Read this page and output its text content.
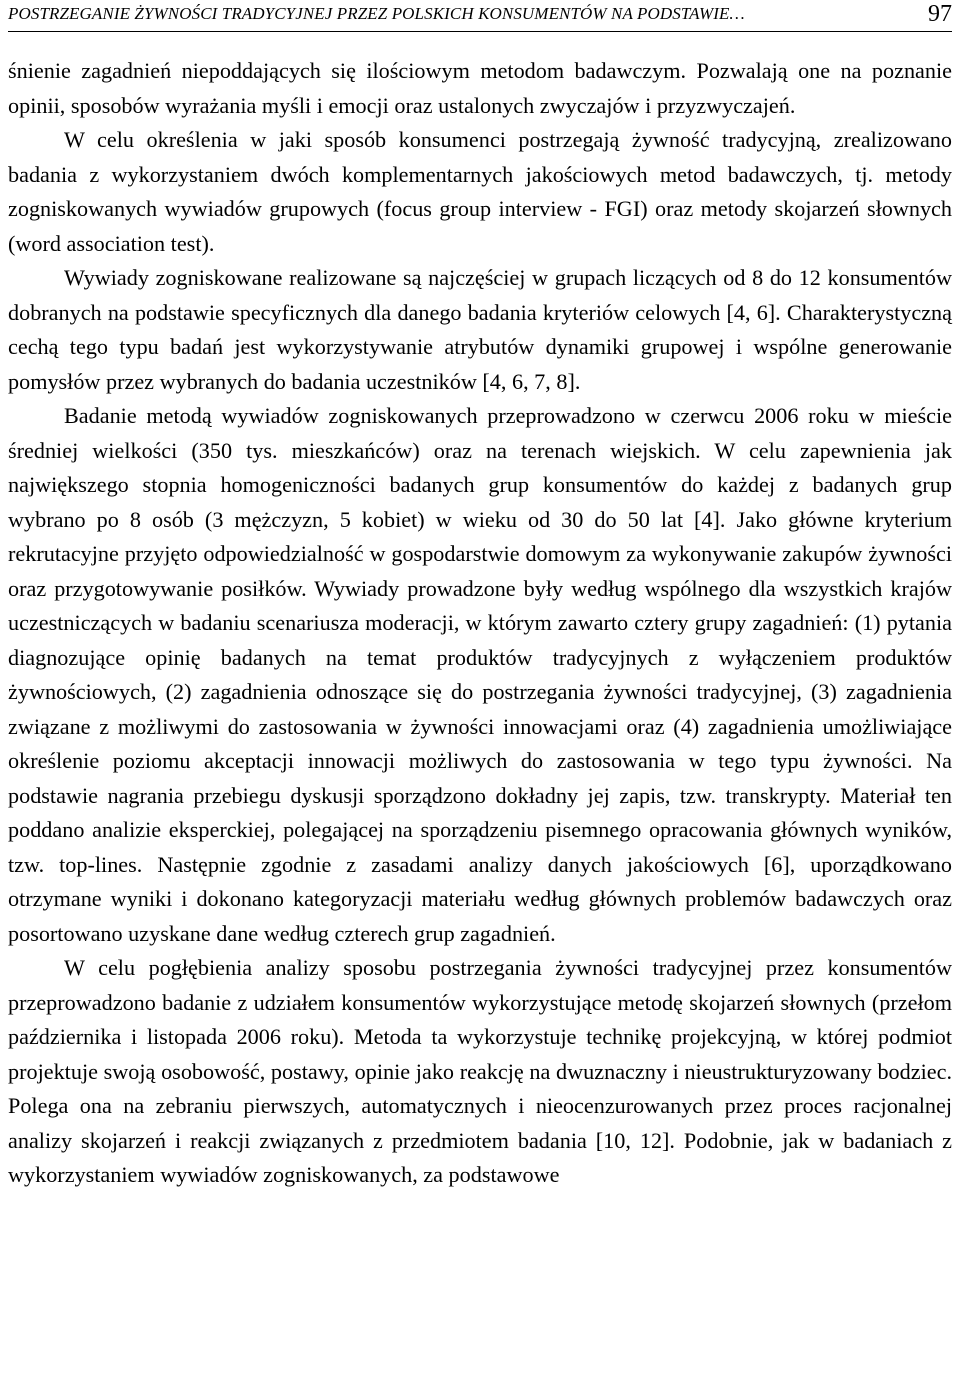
POSTRZEGANIE ŻYWNOŚCI TRADYCYJNEJ PRZEZ POLSKICH KONSUMENTÓW NA PODSTAWIE…	97

śnienie zagadnień niepoddających się ilościowym metodom badawczym. Pozwalają one na poznanie opinii, sposobów wyrażania myśli i emocji oraz ustalonych zwyczajów i przyzwyczajeń.

W celu określenia w jaki sposób konsumenci postrzegają żywność tradycyjną, zrealizowano badania z wykorzystaniem dwóch komplementarnych jakościowych metod badawczych, tj. metody zogniskowanych wywiadów grupowych (focus group interview - FGI) oraz metody skojarzeń słownych (word association test).

Wywiady zogniskowane realizowane są najczęściej w grupach liczących od 8 do 12 konsumentów dobranych na podstawie specyficznych dla danego badania kryteriów celowych [4, 6]. Charakterystyczną cechą tego typu badań jest wykorzystywanie atrybutów dynamiki grupowej i wspólne generowanie pomysłów przez wybranych do badania uczestników [4, 6, 7, 8].

Badanie metodą wywiadów zogniskowanych przeprowadzono w czerwcu 2006 roku w mieście średniej wielkości (350 tys. mieszkańców) oraz na terenach wiejskich. W celu zapewnienia jak największego stopnia homogeniczności badanych grup konsumentów do każdej z badanych grup wybrano po 8 osób (3 mężczyzn, 5 kobiet) w wieku od 30 do 50 lat [4]. Jako główne kryterium rekrutacyjne przyjęto odpowiedzialność w gospodarstwie domowym za wykonywanie zakupów żywności oraz przygotowywanie posiłków. Wywiady prowadzone były według wspólnego dla wszystkich krajów uczestniczących w badaniu scenariusza moderacji, w którym zawarto cztery grupy zagadnień: (1) pytania diagnozujące opinię badanych na temat produktów tradycyjnych z wyłączeniem produktów żywnościowych, (2) zagadnienia odnoszące się do postrzegania żywności tradycyjnej, (3) zagadnienia związane z możliwymi do zastosowania w żywności innowacjami oraz (4) zagadnienia umożliwiające określenie poziomu akceptacji innowacji możliwych do zastosowania w tego typu żywności. Na podstawie nagrania przebiegu dyskusji sporządzono dokładny jej zapis, tzw. transkrypty. Materiał ten poddano analizie eksperckiej, polegającej na sporządzeniu pisemnego opracowania głównych wyników, tzw. top-lines. Następnie zgodnie z zasadami analizy danych jakościowych [6], uporządkowano otrzymane wyniki i dokonano kategoryzacji materiału według głównych problemów badawczych oraz posortowano uzyskane dane według czterech grup zagadnień.

W celu pogłębienia analizy sposobu postrzegania żywności tradycyjnej przez konsumentów przeprowadzono badanie z udziałem konsumentów wykorzystujące metodę skojarzeń słownych (przełom października i listopada 2006 roku). Metoda ta wykorzystuje technikę projekcyjną, w której podmiot projektuje swoją osobowość, postawy, opinie jako reakcję na dwuznaczny i nieustrukturyzowany bodziec. Polega ona na zebraniu pierwszych, automatycznych i nieocenzurowanych przez proces racjonalnej analizy skojarzeń i reakcji związanych z przedmiotem badania [10, 12]. Podobnie, jak w badaniach z wykorzystaniem wywiadów zogniskowanych, za podstawowe
